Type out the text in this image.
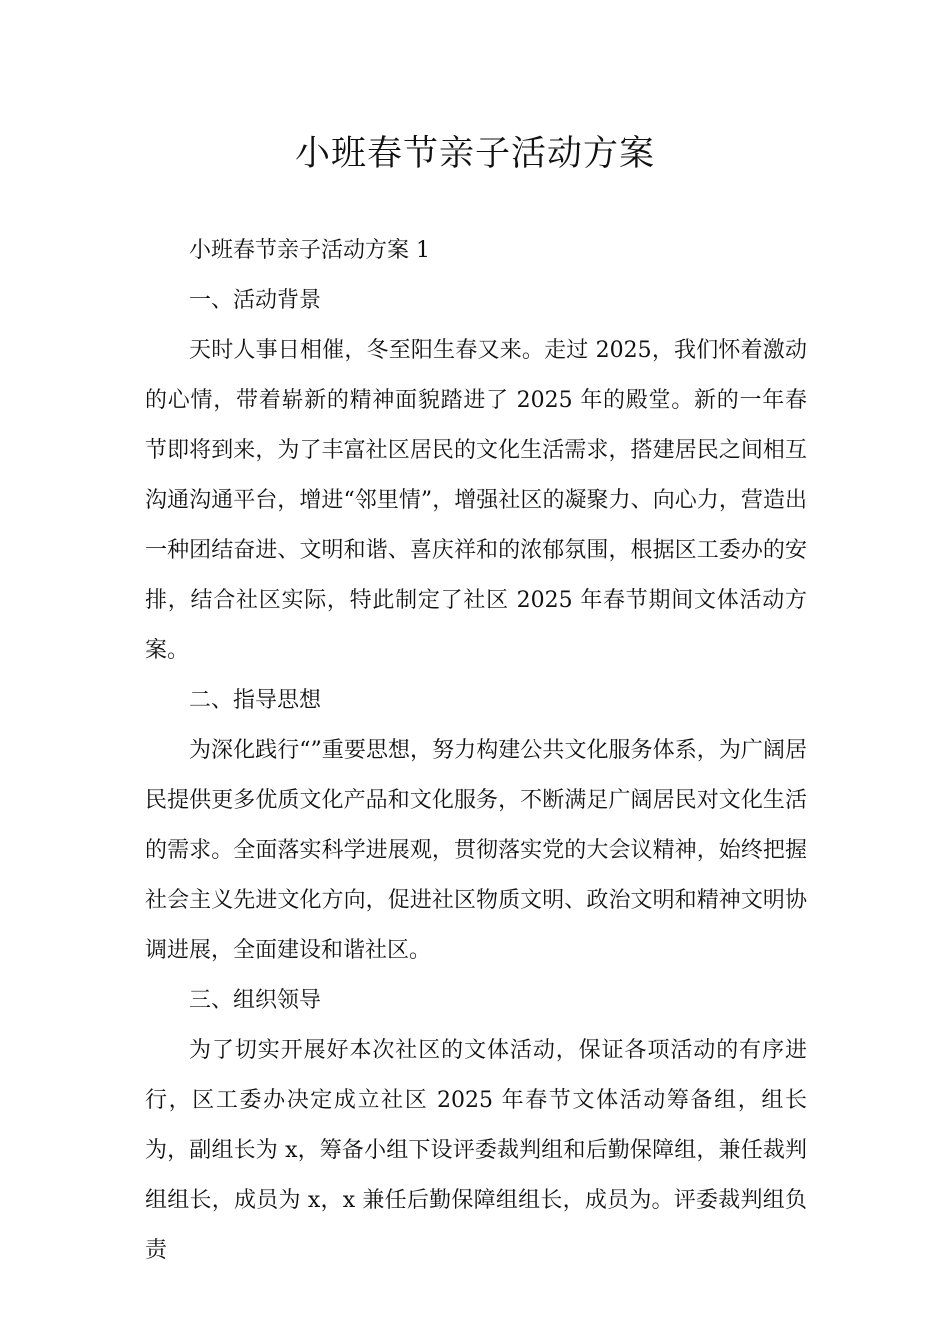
小班春节亲子活动方案

小班春节亲子活动方案 1

一、活动背景

天时人事日相催，冬至阳生春又来。走过 2025，我们怀着激动的心情，带着崭新的精神面貌踏进了 2025 年的殿堂。新的一年春节即将到来，为了丰富社区居民的文化生活需求，搭建居民之间相互沟通沟通平台，增进“邻里情”，增强社区的凝聚力、向心力，营造出一种团结奋进、文明和谐、喜庆祥和的浓郁氛围，根据区工委办的安排，结合社区实际，特此制定了社区 2025 年春节期间文体活动方案。

二、指导思想

为深化践行“”重要思想，努力构建公共文化服务体系，为广阔居民提供更多优质文化产品和文化服务，不断满足广阔居民对文化生活的需求。全面落实科学进展观，贯彻落实党的大会议精神，始终把握社会主义先进文化方向，促进社区物质文明、政治文明和精神文明协调进展，全面建设和谐社区。

三、组织领导

为了切实开展好本次社区的文体活动，保证各项活动的有序进行，区工委办决定成立社区 2025 年春节文体活动筹备组，组长为，副组长为 x，筹备小组下设评委裁判组和后勤保障组，兼任裁判组组长，成员为 x，x 兼任后勤保障组组长，成员为。评委裁判组负责
